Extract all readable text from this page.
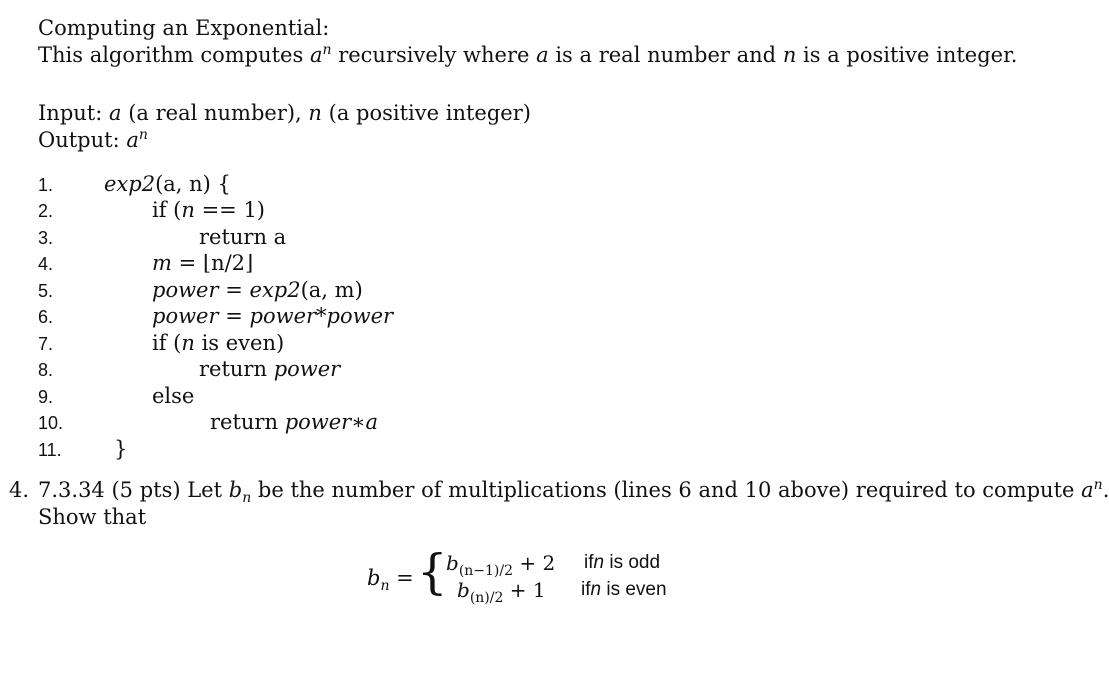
Computing an Exponential:
This algorithm computes $a^n$ recursively where a is a real number and n is a positive integer.
Input: a (a real number), n (a positive integer)
Output: $a^n$
1.
2.
3.
4.
5.
6.
7.
8.
9.
10.
11.
exp2(a, n) {
if (n == 1)
return a
m = ⌊n/2⌋
power = exp2(a, m)
power = power*power
if (n is even)
return power
else
return power∗a
}
4. 7.3.34 (5 pts) Let $b_n$ be the number of multiplications (lines 6 and 10 above) required to compute $a^n$.
Show that
$b_n$ = {
$b_{(n-1)/2} + 2$ ifn is odd
$b_{(n)/2} + 1$ ifn is even
